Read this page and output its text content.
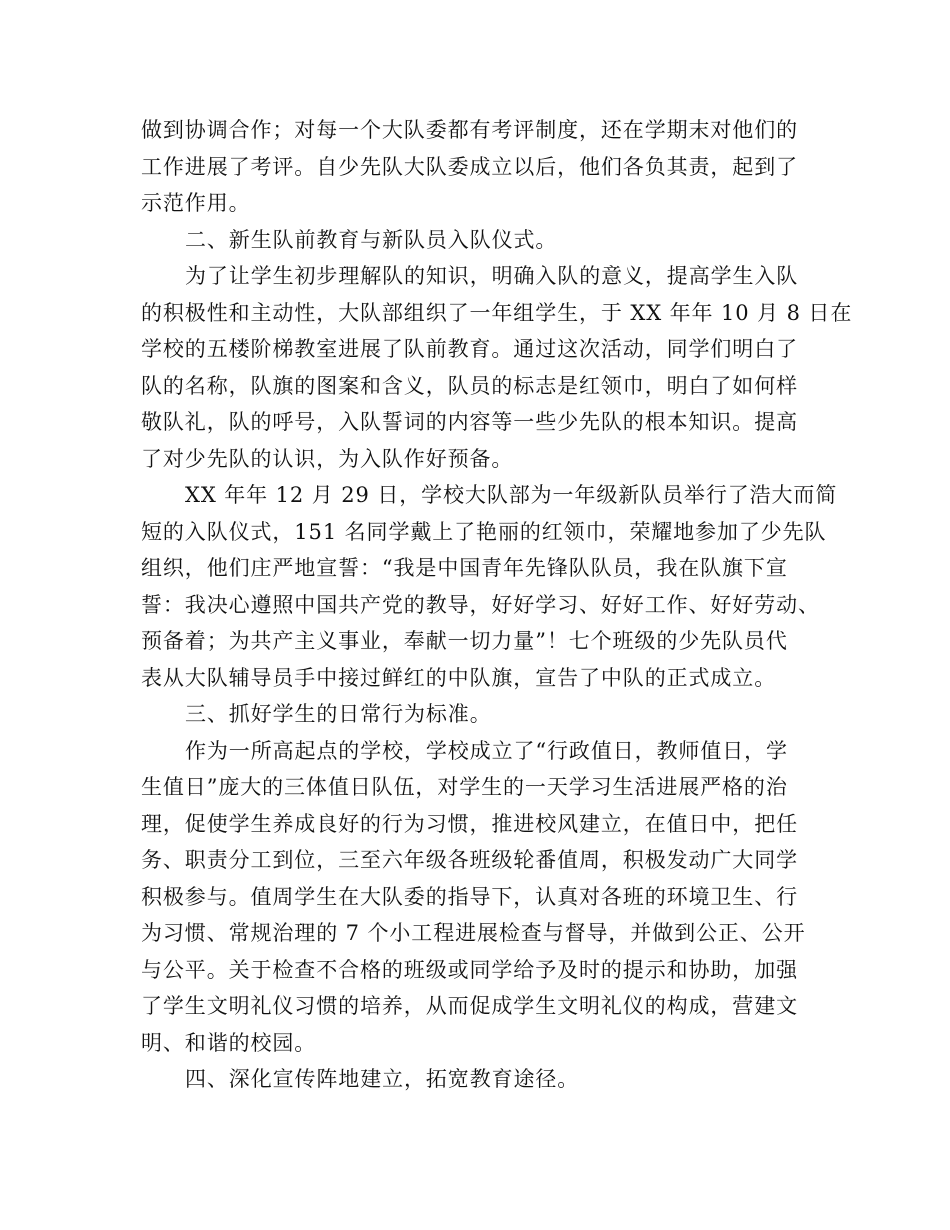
做到协调合作；对每一个大队委都有考评制度，还在学期末对他们的
工作进展了考评。自少先队大队委成立以后，他们各负其责，起到了
示范作用。
二、新生队前教育与新队员入队仪式。
为了让学生初步理解队的知识，明确入队的意义，提高学生入队
的积极性和主动性，大队部组织了一年组学生，于 XX 年年 10 月 8 日在
学校的五楼阶梯教室进展了队前教育。通过这次活动，同学们明白了
队的名称，队旗的图案和含义，队员的标志是红领巾，明白了如何样
敬队礼，队的呼号，入队誓词的内容等一些少先队的根本知识。提高
了对少先队的认识，为入队作好预备。
XX 年年 12 月 29 日，学校大队部为一年级新队员举行了浩大而简
短的入队仪式，151 名同学戴上了艳丽的红领巾，荣耀地参加了少先队
组织，他们庄严地宣誓：“我是中国青年先锋队队员，我在队旗下宣
誓：我决心遵照中国共产党的教导，好好学习、好好工作、好好劳动、
预备着；为共产主义事业，奉献一切力量”！七个班级的少先队员代
表从大队辅导员手中接过鲜红的中队旗，宣告了中队的正式成立。
三、抓好学生的日常行为标准。
作为一所高起点的学校，学校成立了“行政值日，教师值日，学
生值日”庞大的三体值日队伍，对学生的一天学习生活进展严格的治
理，促使学生养成良好的行为习惯，推进校风建立，在值日中，把任
务、职责分工到位，三至六年级各班级轮番值周，积极发动广大同学
积极参与。值周学生在大队委的指导下，认真对各班的环境卫生、行
为习惯、常规治理的 7 个小工程进展检查与督导，并做到公正、公开
与公平。关于检查不合格的班级或同学给予及时的提示和协助，加强
了学生文明礼仪习惯的培养，从而促成学生文明礼仪的构成，营建文
明、和谐的校园。
四、深化宣传阵地建立，拓宽教育途径。
